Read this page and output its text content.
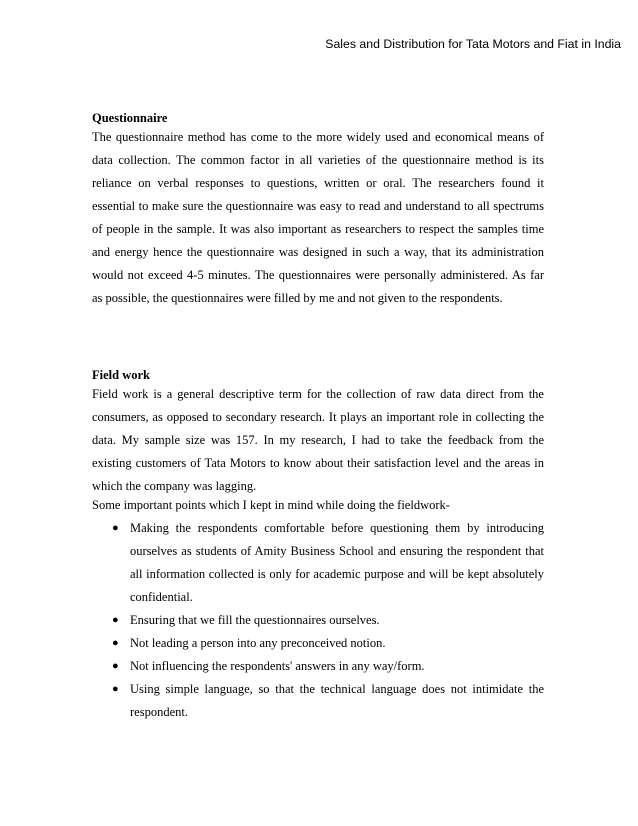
Sales and Distribution for Tata Motors and Fiat in India
Questionnaire
The questionnaire method has come to the more widely used and economical means of
data collection. The common factor in all varieties of the questionnaire method is its
reliance on verbal responses to questions, written or oral. The researchers found it
essential to make sure the questionnaire was easy to read and understand to all spectrums
of people in the sample. It was also important as researchers to respect the samples time
and energy hence the questionnaire was designed in such a way, that its administration
would not exceed 4-5 minutes. The questionnaires were personally administered. As far
as possible, the questionnaires were filled by me and not given to the respondents.
Field work
Field work is a general descriptive term for the collection of raw data direct from the
consumers, as opposed to secondary research. It plays an important role in collecting the
data. My sample size was 157. In my research, I had to take the feedback from the
existing customers of Tata Motors to know about their satisfaction level and the areas in
which the company was lagging.
Some important points which I kept in mind while doing the fieldwork-
● Making the respondents comfortable before questioning them by introducing
ourselves as students of Amity Business School and ensuring the respondent that
all information collected is only for academic purpose and will be kept absolutely
confidential.
● Ensuring that we fill the questionnaires ourselves.
● Not leading a person into any preconceived notion.
● Not influencing the respondents' answers in any way/form.
● Using simple language, so that the technical language does not intimidate the
respondent.
